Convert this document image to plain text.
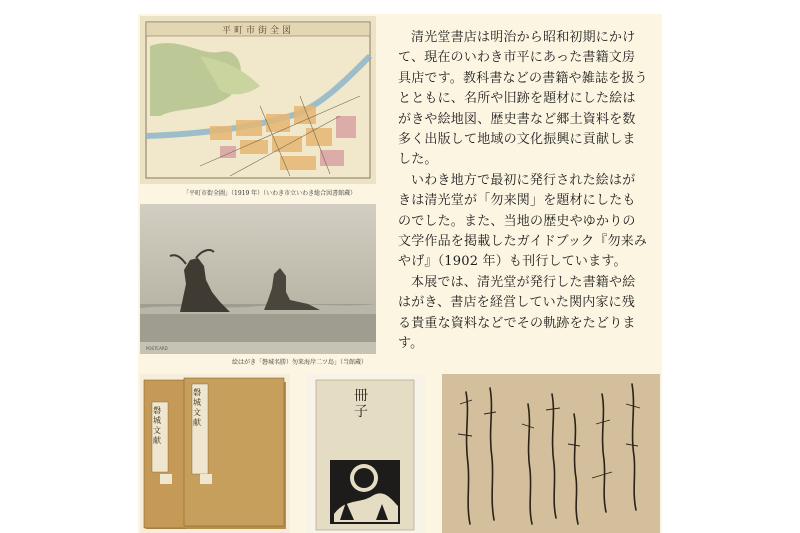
平町市街全図
「平町市街全圖」（1919 年）（いわき市立いわき総合図書館蔵）
POSTCARD
絵はがき「磐城名勝）勿来海岸二ツ島」（当館蔵）
磐城文献
磐城文献
冊子

清光堂書店は明治から昭和初期にかけて、現在のいわき市平にあった書籍文房具店です。教科書などの書籍や雑誌を扱うとともに、名所や旧跡を題材にした絵はがきや絵地図、歴史書など郷土資料を数多く出版して地域の文化振興に貢献しました。

いわき地方で最初に発行された絵はがきは清光堂が「勿来関」を題材にしたものでした。また、当地の歴史やゆかりの文学作品を掲載したガイドブック『勿来みやげ』（1902 年）も刊行しています。

本展では、清光堂が発行した書籍や絵はがき、書店を経営していた関内家に残る貴重な資料などでその軌跡をたどります。
